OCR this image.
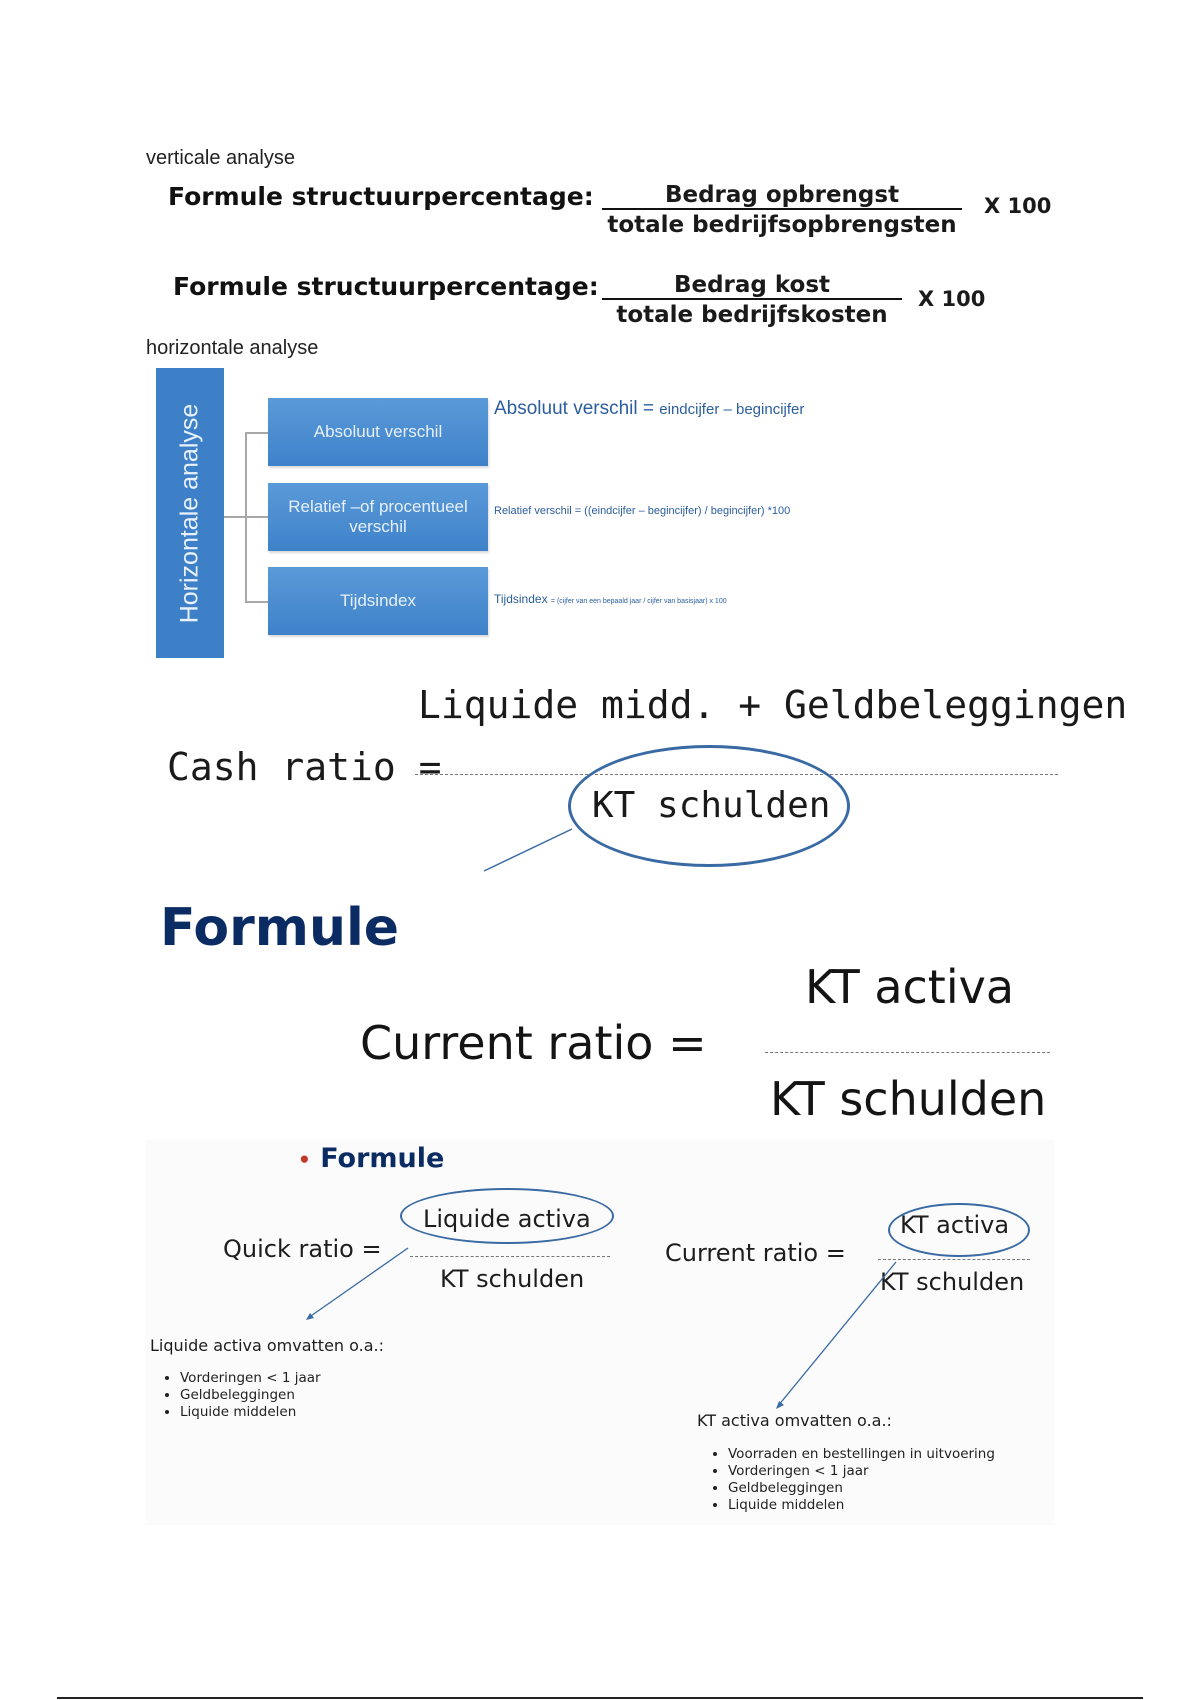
verticale analyse
Formule structuurpercentage:	Bedrag opbrengst
totale bedrijfsopbrengsten
X 100
Formule structuurpercentage:	Bedrag kost
totale bedrijfskosten
X 100
horizontale analyse
Horizontale analyse	Absoluut verschil
Relatief –of procentueel verschil
Tijdsindex
Absoluut verschil = eindcijfer – begincijfer
Relatief verschil = ((eindcijfer – begincijfer) / begincijfer) *100
Tijdsindex = (cijfer van een bepaald jaar / cijfer van basisjaar) x 100
Liquide midd. + Geldbeleggingen
Cash ratio =
KT schulden
Formule
KT activa
Current ratio =
KT schulden
• Formule
Quick ratio =
Liquide activa
KT schulden
Liquide activa omvatten o.a.:
• Vorderingen < 1 jaar
• Geldbeleggingen
• Liquide middelen
Current ratio =
KT activa
KT schulden
KT activa omvatten o.a.:
• Voorraden en bestellingen in uitvoering
• Vorderingen < 1 jaar
• Geldbeleggingen
• Liquide middelen
